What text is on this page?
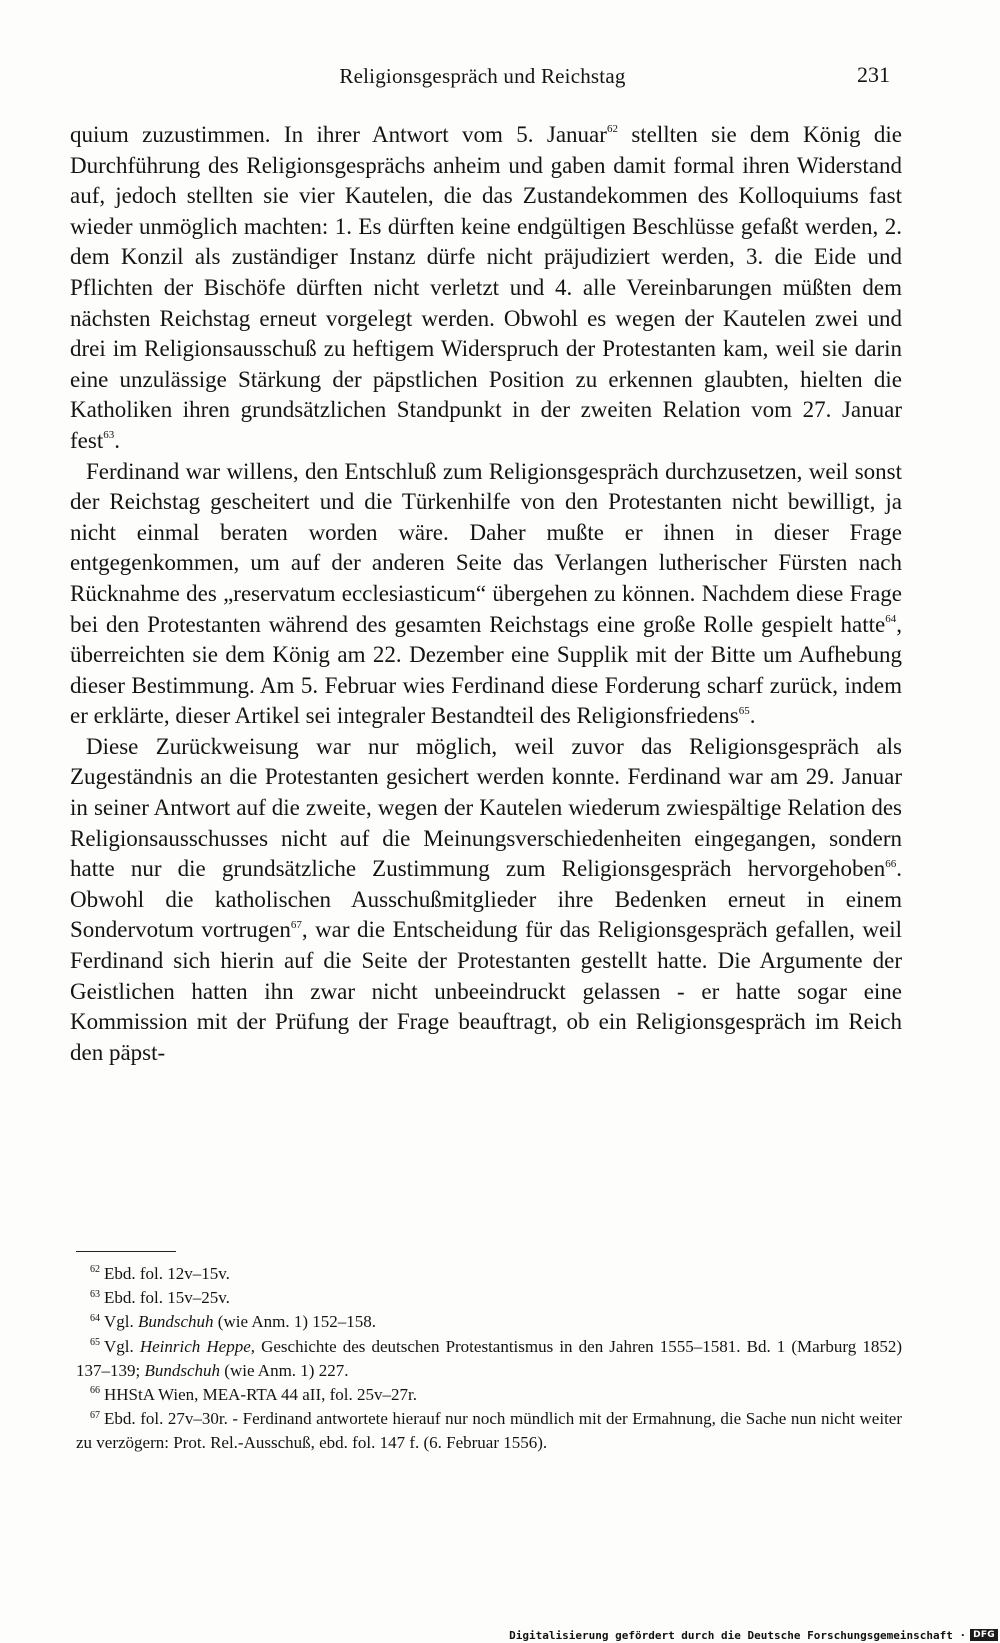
Religionsgespräch und Reichstag	231

quium zuzustimmen. In ihrer Antwort vom 5. Januar$^{62}$ stellten sie dem König die Durchführung des Religionsgesprächs anheim und gaben damit formal ihren Widerstand auf, jedoch stellten sie vier Kautelen, die das Zustandekommen des Kolloquiums fast wieder unmöglich machten: 1. Es dürften keine endgültigen Beschlüsse gefaßt werden, 2. dem Konzil als zuständiger Instanz dürfe nicht präjudiziert werden, 3. die Eide und Pflichten der Bischöfe dürften nicht verletzt und 4. alle Vereinbarungen müßten dem nächsten Reichstag erneut vorgelegt werden. Obwohl es wegen der Kautelen zwei und drei im Religionsausschuß zu heftigem Widerspruch der Protestanten kam, weil sie darin eine unzulässige Stärkung der päpstlichen Position zu erkennen glaubten, hielten die Katholiken ihren grundsätzlichen Standpunkt in der zweiten Relation vom 27. Januar fest$^{63}$.

Ferdinand war willens, den Entschluß zum Religionsgespräch durchzusetzen, weil sonst der Reichstag gescheitert und die Türkenhilfe von den Protestanten nicht bewilligt, ja nicht einmal beraten worden wäre. Daher mußte er ihnen in dieser Frage entgegenkommen, um auf der anderen Seite das Verlangen lutherischer Fürsten nach Rücknahme des „reservatum ecclesiasticum“ übergehen zu können. Nachdem diese Frage bei den Protestanten während des gesamten Reichstags eine große Rolle gespielt hatte$^{64}$, überreichten sie dem König am 22. Dezember eine Supplik mit der Bitte um Aufhebung dieser Bestimmung. Am 5. Februar wies Ferdinand diese Forderung scharf zurück, indem er erklärte, dieser Artikel sei integraler Bestandteil des Religionsfriedens$^{65}$.

Diese Zurückweisung war nur möglich, weil zuvor das Religionsgespräch als Zugeständnis an die Protestanten gesichert werden konnte. Ferdinand war am 29. Januar in seiner Antwort auf die zweite, wegen der Kautelen wiederum zwiespältige Relation des Religionsausschusses nicht auf die Meinungsverschiedenheiten eingegangen, sondern hatte nur die grundsätzliche Zustimmung zum Religionsgespräch hervorgehoben$^{66}$. Obwohl die katholischen Ausschußmitglieder ihre Bedenken erneut in einem Sondervotum vortrugen$^{67}$, war die Entscheidung für das Religionsgespräch gefallen, weil Ferdinand sich hierin auf die Seite der Protestanten gestellt hatte. Die Argumente der Geistlichen hatten ihn zwar nicht unbeeindruckt gelassen - er hatte sogar eine Kommission mit der Prüfung der Frage beauftragt, ob ein Religionsgespräch im Reich den päpst-

$^{62}$ Ebd. fol. 12v–15v.

$^{63}$ Ebd. fol. 15v–25v.

$^{64}$ Vgl. Bundschuh (wie Anm. 1) 152–158.

$^{65}$ Vgl. Heinrich Heppe, Geschichte des deutschen Protestantismus in den Jahren 1555–1581. Bd. 1 (Marburg 1852) 137–139; Bundschuh (wie Anm. 1) 227.

$^{66}$ HHStA Wien, MEA-RTA 44 aII, fol. 25v–27r.

$^{67}$ Ebd. fol. 27v–30r. - Ferdinand antwortete hierauf nur noch mündlich mit der Ermahnung, die Sache nun nicht weiter zu verzögern: Prot. Rel.-Ausschuß, ebd. fol. 147 f. (6. Februar 1556).

Digitalisierung gefördert durch die Deutsche Forschungsgemeinschaft · DFG
